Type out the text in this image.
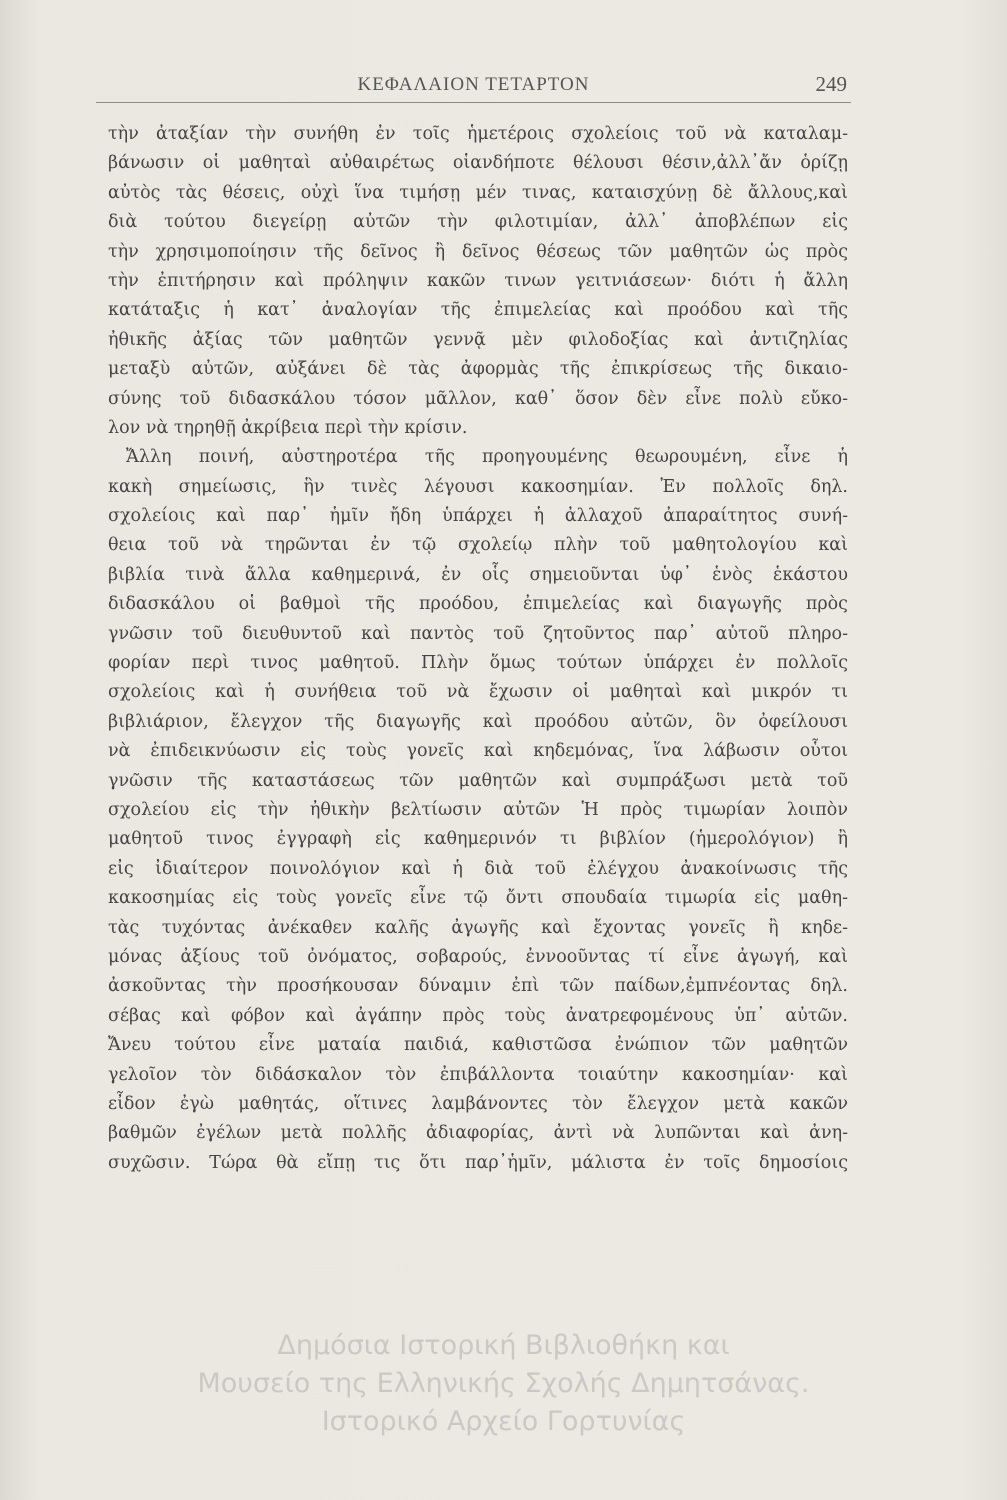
ΚΕΦΑΛΑΙΟΝ ΤΕΤΑΡΤΟΝ	249
τὴν ἀταξίαν τὴν συνήθη ἐν τοῖς ἡμετέροις σχολείοις τοῦ νὰ καταλαμ-
βάνωσιν οἱ μαθηταὶ αὐθαιρέτως οἱανδήποτε θέλουσι θέσιν,ἀλλ᾽ἄν ὁρίζῃ
αὐτὸς τὰς θέσεις, οὐχὶ ἵνα τιμήσῃ μέν τινας, καταισχύνῃ δὲ ἄλλους,καὶ
διὰ τούτου διεγείρῃ αὐτῶν τὴν φιλοτιμίαν, ἀλλ᾽ ἀποβλέπων εἰς
τὴν χρησιμοποίησιν τῆς δεῖνος ἢ δεῖνος θέσεως τῶν μαθητῶν ὡς πρὸς
τὴν ἐπιτήρησιν καὶ πρόληψιν κακῶν τινων γειτνιάσεων· διότι ἡ ἄλλη
κατάταξις ἡ κατ᾽ ἀναλογίαν τῆς ἐπιμελείας καὶ προόδου καὶ τῆς
ἠθικῆς ἀξίας τῶν μαθητῶν γεννᾷ μὲν φιλοδοξίας καὶ ἀντιζηλίας
μεταξὺ αὐτῶν, αὐξάνει δὲ τὰς ἀφορμὰς τῆς ἐπικρίσεως τῆς δικαιο-
σύνης τοῦ διδασκάλου τόσον μᾶλλον, καθ᾽ ὅσον δὲν εἶνε πολὺ εὔκο-
λον νὰ τηρηθῇ ἀκρίβεια περὶ τὴν κρίσιν.
Ἄλλη ποινή, αὐστηροτέρα τῆς προηγουμένης θεωρουμένη, εἶνε ἡ
κακὴ σημείωσις, ἣν τινὲς λέγουσι κακοσημίαν. Ἐν πολλοῖς δηλ.
σχολείοις καὶ παρ᾽ ἡμῖν ἤδη ὑπάρχει ἡ ἀλλαχοῦ ἀπαραίτητος συνή-
θεια τοῦ νὰ τηρῶνται ἐν τῷ σχολείῳ πλὴν τοῦ μαθητολογίου καὶ
βιβλία τινὰ ἄλλα καθημερινά, ἐν οἷς σημειοῦνται ὑφ᾽ ἑνὸς ἑκάστου
διδασκάλου οἱ βαθμοὶ τῆς προόδου, ἐπιμελείας καὶ διαγωγῆς πρὸς
γνῶσιν τοῦ διευθυντοῦ καὶ παντὸς τοῦ ζητοῦντος παρ᾽ αὐτοῦ πληρο-
φορίαν περὶ τινος μαθητοῦ. Πλὴν ὅμως τούτων ὑπάρχει ἐν πολλοῖς
σχολείοις καὶ ἡ συνήθεια τοῦ νὰ ἔχωσιν οἱ μαθηταὶ καὶ μικρόν τι
βιβλιάριον, ἔλεγχον τῆς διαγωγῆς καὶ προόδου αὐτῶν, ὃν ὀφείλουσι
νὰ ἐπιδεικνύωσιν εἰς τοὺς γονεῖς καὶ κηδεμόνας, ἵνα λάβωσιν οὗτοι
γνῶσιν τῆς καταστάσεως τῶν μαθητῶν καὶ συμπράξωσι μετὰ τοῦ
σχολείου εἰς τὴν ἠθικὴν βελτίωσιν αὐτῶν Ἡ πρὸς τιμωρίαν λοιπὸν
μαθητοῦ τινος ἐγγραφὴ εἰς καθημερινόν τι βιβλίον (ἡμερολόγιον) ἢ
εἰς ἰδιαίτερον ποινολόγιον καὶ ἡ διὰ τοῦ ἐλέγχου ἀνακοίνωσις τῆς
κακοσημίας εἰς τοὺς γονεῖς εἶνε τῷ ὄντι σπουδαία τιμωρία εἰς μαθη-
τὰς τυχόντας ἀνέκαθεν καλῆς ἀγωγῆς καὶ ἔχοντας γονεῖς ἢ κηδε-
μόνας ἀξίους τοῦ ὀνόματος, σοβαρούς, ἐννοοῦντας τί εἶνε ἀγωγή, καὶ
ἀσκοῦντας τὴν προσήκουσαν δύναμιν ἐπὶ τῶν παίδων,ἐμπνέοντας δηλ.
σέβας καὶ φόβον καὶ ἀγάπην πρὸς τοὺς ἀνατρεφομένους ὑπ᾽ αὐτῶν.
Ἄνευ τούτου εἶνε ματαία παιδιά, καθιστῶσα ἐνώπιον τῶν μαθητῶν
γελοῖον τὸν διδάσκαλον τὸν ἐπιβάλλοντα τοιαύτην κακοσημίαν· καὶ
εἶδον ἐγὼ μαθητάς, οἵτινες λαμβάνοντες τὸν ἔλεγχον μετὰ κακῶν
βαθμῶν ἐγέλων μετὰ πολλῆς ἀδιαφορίας, ἀντὶ νὰ λυπῶνται καὶ ἀνη-
συχῶσιν. Τώρα θὰ εἴπῃ τις ὅτι παρ᾽ἡμῖν, μάλιστα ἐν τοῖς δημοσίοις
Δημόσια Ιστορική Βιβλιοθήκη και
Μουσείο της Ελληνικής Σχολής Δημητσάνας.
Ιστορικό Αρχείο Γορτυνίας
